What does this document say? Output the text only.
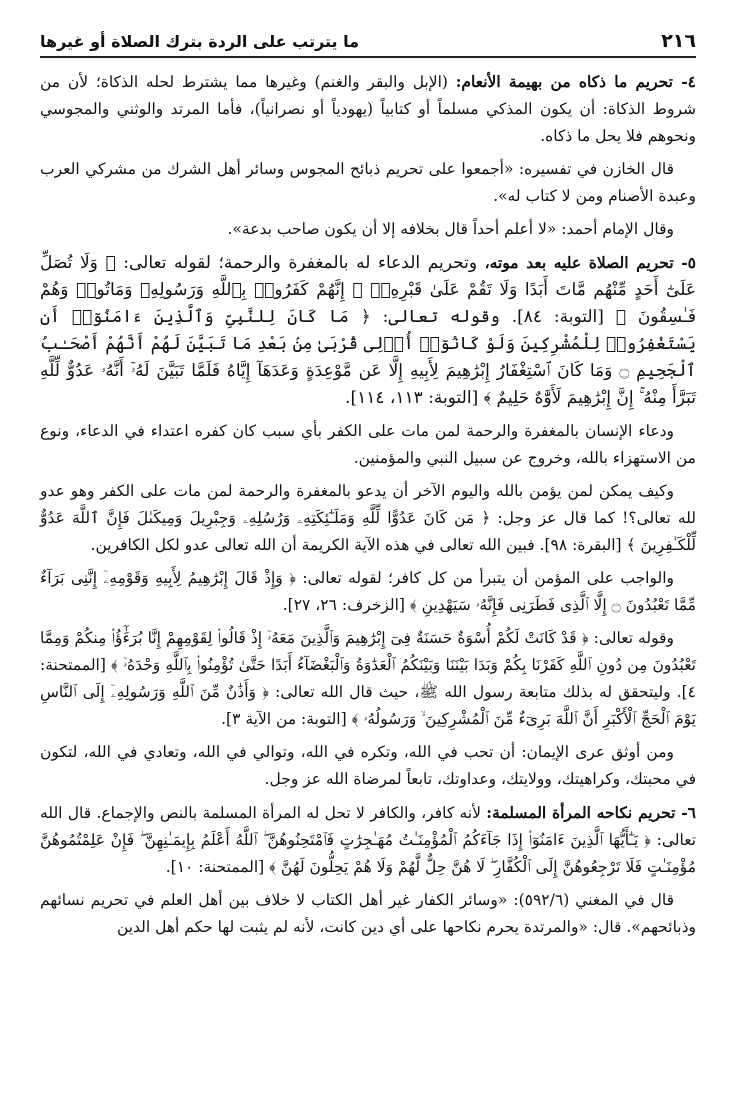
٢١٦
ما يترتب على الردة بترك الصلاة أو غيرها

٤- تحريم ما ذكاه من بهيمة الأنعام: (الإبل والبقر والغنم) وغيرها مما يشترط لحله الذكاة؛ لأن من شروط الذكاة: أن يكون المذكي مسلماً أو كتابياً (يهودياً أو نصرانياً)، فأما المرتد والوثني والمجوسي ونحوهم فلا يحل ما ذكاه.

قال الخازن في تفسيره: «أجمعوا على تحريم ذبائح المجوس وسائر أهل الشرك من مشركي العرب وعبدة الأصنام ومن لا كتاب له».

وقال الإمام أحمد: «لا أعلم أحداً قال بخلافه إلا أن يكون صاحب بدعة».

٥- تحريم الصلاة عليه بعد موته، وتحريم الدعاء له بالمغفرة والرحمة؛ لقوله تعالى: ﴿ وَلَا تُصَلِّ عَلَىٰٓ أَحَدٍ مِّنْهُم مَّاتَ أَبَدًا وَلَا تَقُمْ عَلَىٰ قَبْرِهِۦٓ ۖ إِنَّهُمْ كَفَرُوا۟ بِٱللَّهِ وَرَسُولِهِۦ وَمَاتُوا۟ وَهُمْ فَـٰسِقُونَ ﴾ [التوبة: ٨٤]. وقوله تعالى: ﴿ مَا كَانَ لِلنَّبِىِّ وَٱلَّذِينَ ءَامَنُوٓا۟ أَن يَسْتَغْفِرُوا۟ لِلْمُشْرِكِينَ وَلَوْ كَانُوٓا۟ أُو۟لِى قُرْبَىٰ مِنۢ بَعْدِ مَا تَبَيَّنَ لَهُمْ أَنَّهُمْ أَصْحَـٰبُ ٱلْجَحِيمِ ۝ وَمَا كَانَ ٱسْتِغْفَارُ إِبْرَٰهِيمَ لِأَبِيهِ إِلَّا عَن مَّوْعِدَةٍ وَعَدَهَآ إِيَّاهُ فَلَمَّا تَبَيَّنَ لَهُۥٓ أَنَّهُۥ عَدُوٌّ لِّلَّهِ تَبَرَّأَ مِنْهُ ۚ إِنَّ إِبْرَٰهِيمَ لَأَوَّٰهٌ حَلِيمٌ ﴾ [التوبة: ١١٣، ١١٤].

ودعاء الإنسان بالمغفرة والرحمة لمن مات على الكفر بأي سبب كان كفره اعتداء في الدعاء، ونوع من الاستهزاء بالله، وخروج عن سبيل النبي والمؤمنين.

وكيف يمكن لمن يؤمن بالله واليوم الآخر أن يدعو بالمغفرة والرحمة لمن مات على الكفر وهو عدو لله تعالى؟! كما قال عز وجل: ﴿ مَن كَانَ عَدُوًّا لِّلَّهِ وَمَلَـٰٓئِكَتِهِۦ وَرُسُلِهِۦ وَجِبْرِيلَ وَمِيكَىٰلَ فَإِنَّ ٱللَّهَ عَدُوٌّ لِّلْكَـٰفِرِينَ ﴾ [البقرة: ٩٨]. فبين الله تعالى في هذه الآية الكريمة أن الله تعالى عدو لكل الكافرين.

والواجب على المؤمن أن يتبرأ من كل كافر؛ لقوله تعالى: ﴿ وَإِذْ قَالَ إِبْرَٰهِيمُ لِأَبِيهِ وَقَوْمِهِۦٓ إِنَّنِى بَرَآءٌ مِّمَّا تَعْبُدُونَ ۝ إِلَّا ٱلَّذِى فَطَرَنِى فَإِنَّهُۥ سَيَهْدِينِ ﴾ [الزخرف: ٢٦، ٢٧].

وقوله تعالى: ﴿ قَدْ كَانَتْ لَكُمْ أُسْوَةٌ حَسَنَةٌ فِىٓ إِبْرَٰهِيمَ وَٱلَّذِينَ مَعَهُۥٓ إِذْ قَالُوا۟ لِقَوْمِهِمْ إِنَّا بُرَءَٰٓؤُا۟ مِنكُمْ وَمِمَّا تَعْبُدُونَ مِن دُونِ ٱللَّهِ كَفَرْنَا بِكُمْ وَبَدَا بَيْنَنَا وَبَيْنَكُمُ ٱلْعَدَٰوَةُ وَٱلْبَغْضَآءُ أَبَدًا حَتَّىٰ تُؤْمِنُوا۟ بِٱللَّهِ وَحْدَهُۥٓ ﴾ [الممتحنة: ٤]. وليتحقق له بذلك متابعة رسول الله ﷺ، حيث قال الله تعالى: ﴿ وَأَذَٰنٌ مِّنَ ٱللَّهِ وَرَسُولِهِۦٓ إِلَى ٱلنَّاسِ يَوْمَ ٱلْحَجِّ ٱلْأَكْبَرِ أَنَّ ٱللَّهَ بَرِىٓءٌ مِّنَ ٱلْمُشْرِكِينَ ۙ وَرَسُولُهُۥ ﴾ [التوبة: من الآية ٣].

ومن أوثق عرى الإيمان: أن تحب في الله، وتكره في الله، وتوالي في الله، وتعادي في الله، لتكون في محبتك، وكراهيتك، وولايتك، وعداوتك، تابعاً لمرضاة الله عز وجل.

٦- تحريم نكاحه المرأة المسلمة: لأنه كافر، والكافر لا تحل له المرأة المسلمة بالنص والإجماع. قال الله تعالى: ﴿ يَـٰٓأَيُّهَا ٱلَّذِينَ ءَامَنُوٓا۟ إِذَا جَآءَكُمُ ٱلْمُؤْمِنَـٰتُ مُهَـٰجِرَٰتٍ فَٱمْتَحِنُوهُنَّ ۖ ٱللَّهُ أَعْلَمُ بِإِيمَـٰنِهِنَّ ۖ فَإِنْ عَلِمْتُمُوهُنَّ مُؤْمِنَـٰتٍ فَلَا تَرْجِعُوهُنَّ إِلَى ٱلْكُفَّارِ ۖ لَا هُنَّ حِلٌّ لَّهُمْ وَلَا هُمْ يَحِلُّونَ لَهُنَّ ﴾ [الممتحنة: ١٠].

قال في المغني (٥٩٢/٦): «وسائر الكفار غير أهل الكتاب لا خلاف بين أهل العلم في تحريم نسائهم وذبائحهم». قال: «والمرتدة يحرم نكاحها على أي دين كانت، لأنه لم يثبت لها حكم أهل الدين
